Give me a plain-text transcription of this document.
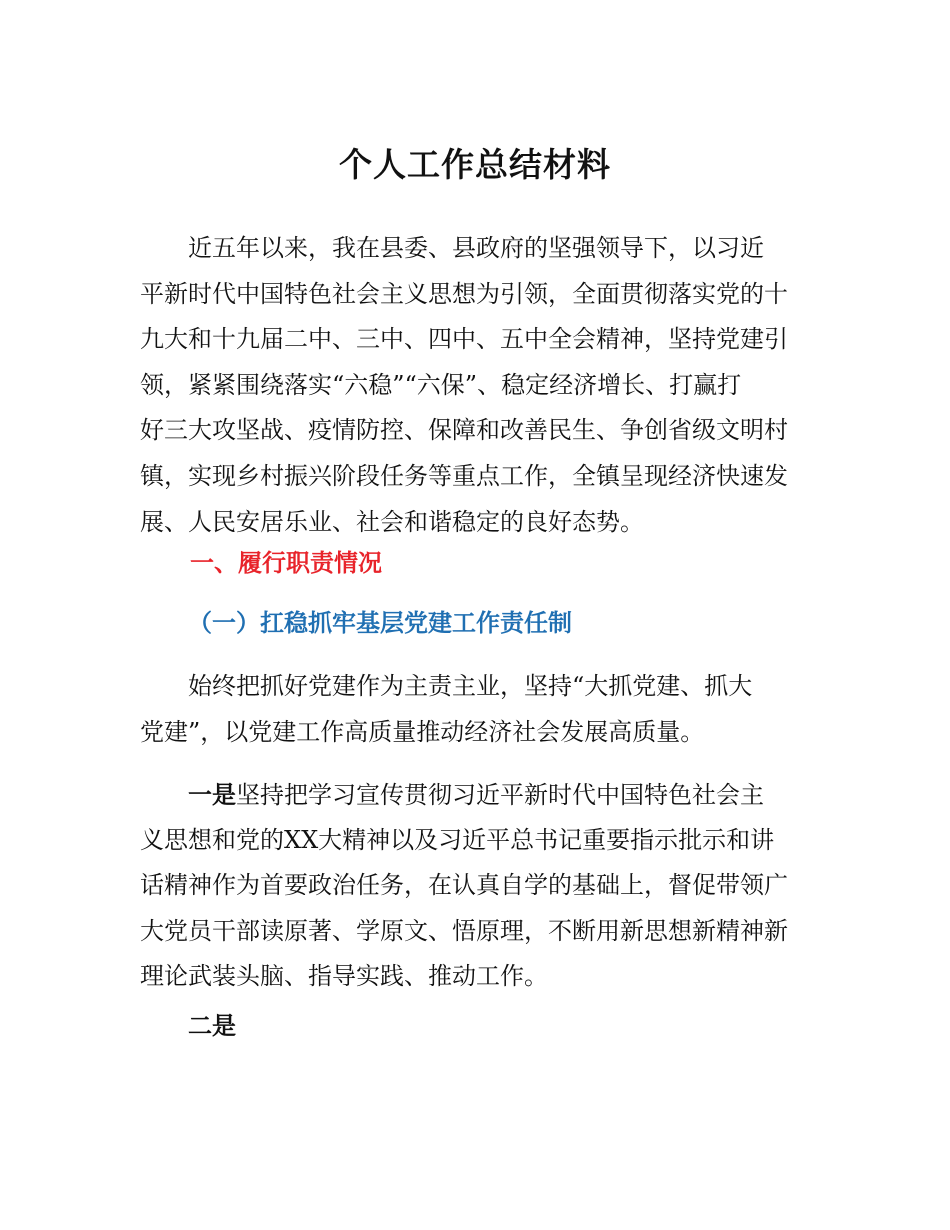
个人工作总结材料
近五年以来，我在县委、县政府的坚强领导下，以习近
平新时代中国特色社会主义思想为引领，全面贯彻落实党的十
九大和十九届二中、三中、四中、五中全会精神，坚持党建引
领，紧紧围绕落实“六稳”“六保”、稳定经济增长、打赢打
好三大攻坚战、疫情防控、保障和改善民生、争创省级文明村
镇，实现乡村振兴阶段任务等重点工作，全镇呈现经济快速发
展、人民安居乐业、社会和谐稳定的良好态势。
一、履行职责情况
（一）扛稳抓牢基层党建工作责任制
始终把抓好党建作为主责主业，坚持“大抓党建、抓大
党建”，以党建工作高质量推动经济社会发展高质量。
一是坚持把学习宣传贯彻习近平新时代中国特色社会主
义思想和党的XX大精神以及习近平总书记重要指示批示和讲
话精神作为首要政治任务，在认真自学的基础上，督促带领广
大党员干部读原著、学原文、悟原理，不断用新思想新精神新
理论武装头脑、指导实践、推动工作。
二是
